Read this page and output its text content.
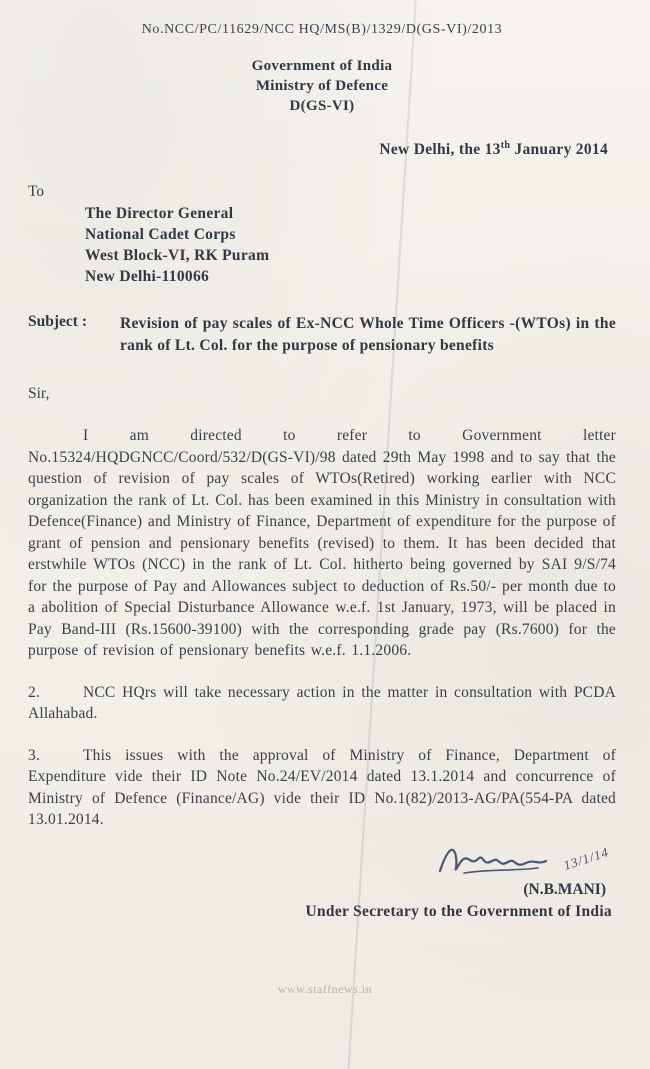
No.NCC/PC/11629/NCC HQ/MS(B)/1329/D(GS-VI)/2013
Government of India
Ministry of Defence
D(GS-VI)
New Delhi, the 13th January 2014
To
The Director General
National Cadet Corps
West Block-VI, RK Puram
New Delhi-110066
Subject :	Revision of pay scales of Ex-NCC Whole Time Officers -(WTOs) in the rank of Lt. Col. for the purpose of pensionary benefits
Sir,
I am directed to refer to Government letter No.15324/HQDGNCC/Coord/532/D(GS-VI)/98 dated 29th May 1998 and to say that the question of revision of pay scales of WTOs(Retired) working earlier with NCC organization the rank of Lt. Col. has been examined in this Ministry in consultation with Defence(Finance) and Ministry of Finance, Department of expenditure for the purpose of grant of pension and pensionary benefits (revised) to them. It has been decided that erstwhile WTOs (NCC) in the rank of Lt. Col. hitherto being governed by SAI 9/S/74 for the purpose of Pay and Allowances subject to deduction of Rs.50/- per month due to a abolition of Special Disturbance Allowance w.e.f. 1st January, 1973, will be placed in Pay Band-III (Rs.15600-39100) with the corresponding grade pay (Rs.7600) for the purpose of revision of pensionary benefits w.e.f. 1.1.2006.
2.	NCC HQrs will take necessary action in the matter in consultation with PCDA Allahabad.
3.	This issues with the approval of Ministry of Finance, Department of Expenditure vide their ID Note No.24/EV/2014 dated 13.1.2014 and concurrence of Ministry of Defence (Finance/AG) vide their ID No.1(82)/2013-AG/PA(554-PA dated 13.01.2014.
13/1/14
(N.B.MANI)
Under Secretary to the Government of India
www.staffnews.in
